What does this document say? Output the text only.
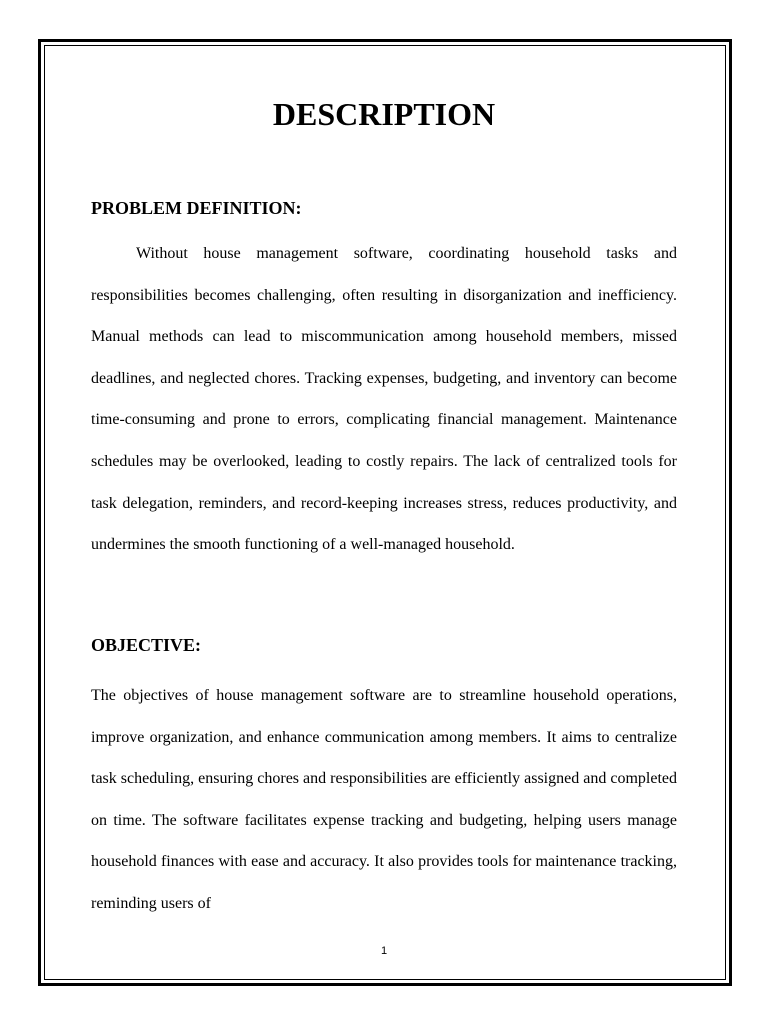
DESCRIPTION
PROBLEM DEFINITION:

Without house management software, coordinating household tasks and responsibilities becomes challenging, often resulting in disorganization and inefficiency. Manual methods can lead to miscommunication among household members, missed deadlines, and neglected chores. Tracking expenses, budgeting, and inventory can become time-consuming and prone to errors, complicating financial management. Maintenance schedules may be overlooked, leading to costly repairs. The lack of centralized tools for task delegation, reminders, and record-keeping increases stress, reduces productivity, and undermines the smooth functioning of a well-managed household.

OBJECTIVE:

The objectives of house management software are to streamline household operations, improve organization, and enhance communication among members. It aims to centralize task scheduling, ensuring chores and responsibilities are efficiently assigned and completed on time. The software facilitates expense tracking and budgeting, helping users manage household finances with ease and accuracy. It also provides tools for maintenance tracking, reminding users of

1
